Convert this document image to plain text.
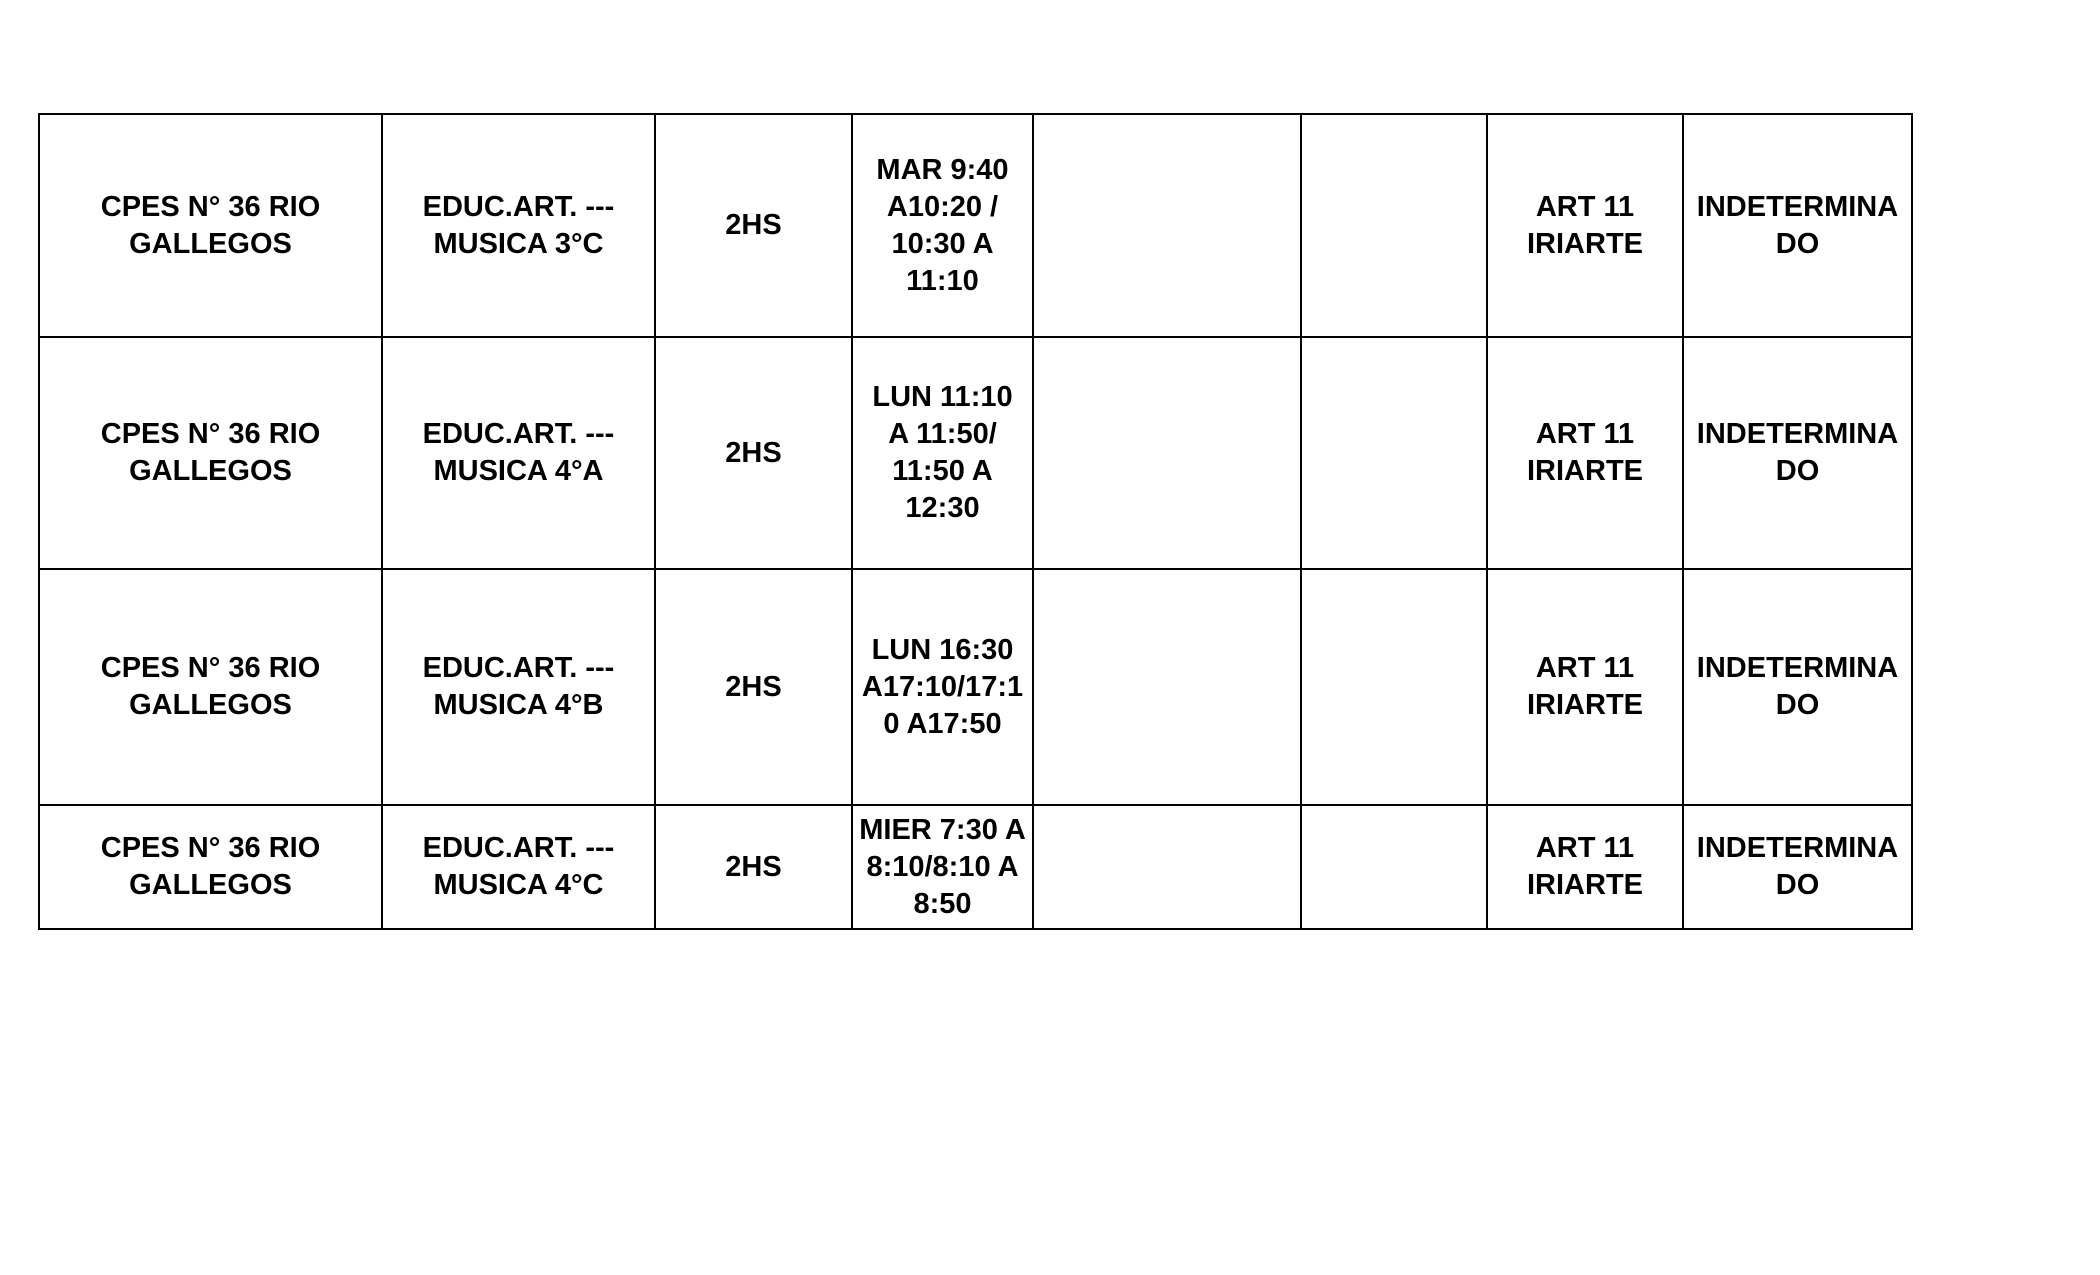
CPES N° 36 RIO
GALLEGOS	EDUC.ART. ---
MUSICA 3°C	2HS	MAR 9:40
A10:20 /
10:30 A
11:10			ART 11
IRIARTE	INDETERMINA
DO

CPES N° 36 RIO
GALLEGOS	EDUC.ART. ---
MUSICA 4°A	2HS	LUN 11:10
A 11:50/
11:50 A
12:30			ART 11
IRIARTE	INDETERMINA
DO

CPES N° 36 RIO
GALLEGOS	EDUC.ART. ---
MUSICA 4°B	2HS	LUN 16:30
A17:10/17:1
0 A17:50			ART 11
IRIARTE	INDETERMINA
DO

CPES N° 36 RIO
GALLEGOS	EDUC.ART. ---
MUSICA 4°C	2HS	MIER 7:30 A
8:10/8:10 A
8:50			ART 11
IRIARTE	INDETERMINA
DO
